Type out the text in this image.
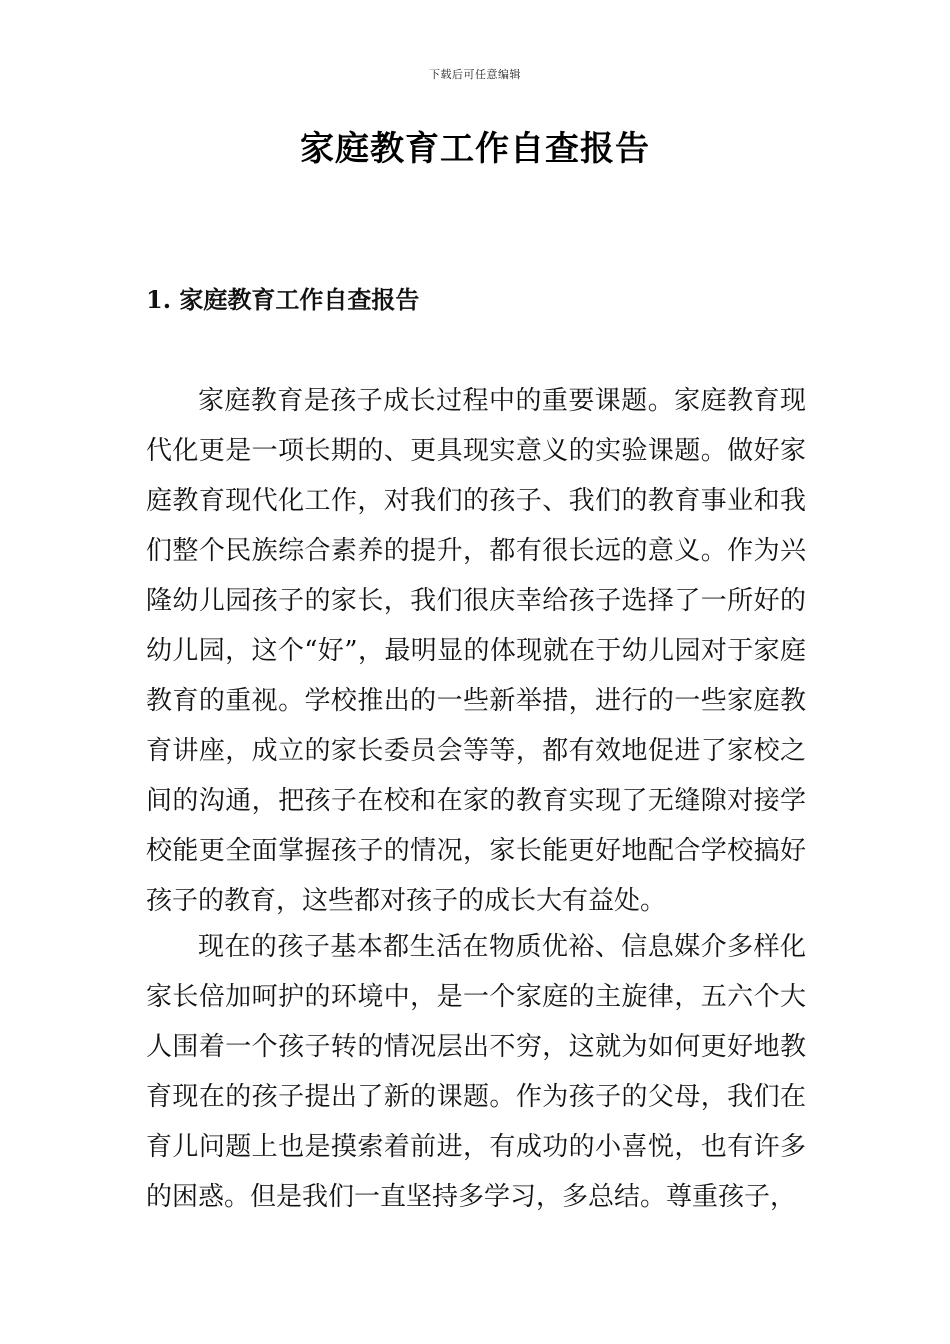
下载后可任意编辑
家庭教育工作自查报告
1. 家庭教育工作自查报告

家庭教育是孩子成长过程中的重要课题。家庭教育现代化更是一项长期的、更具现实意义的实验课题。做好家庭教育现代化工作，对我们的孩子、我们的教育事业和我们整个民族综合素养的提升，都有很长远的意义。作为兴隆幼儿园孩子的家长，我们很庆幸给孩子选择了一所好的幼儿园，这个“好”，最明显的体现就在于幼儿园对于家庭教育的重视。学校推出的一些新举措，进行的一些家庭教育讲座，成立的家长委员会等等，都有效地促进了家校之间的沟通，把孩子在校和在家的教育实现了无缝隙对接学校能更全面掌握孩子的情况，家长能更好地配合学校搞好孩子的教育，这些都对孩子的成长大有益处。

现在的孩子基本都生活在物质优裕、信息媒介多样化家长倍加呵护的环境中，是一个家庭的主旋律，五六个大人围着一个孩子转的情况层出不穷，这就为如何更好地教育现在的孩子提出了新的课题。作为孩子的父母，我们在育儿问题上也是摸索着前进，有成功的小喜悦，也有许多的困惑。但是我们一直坚持多学习，多总结。尊重孩子，
